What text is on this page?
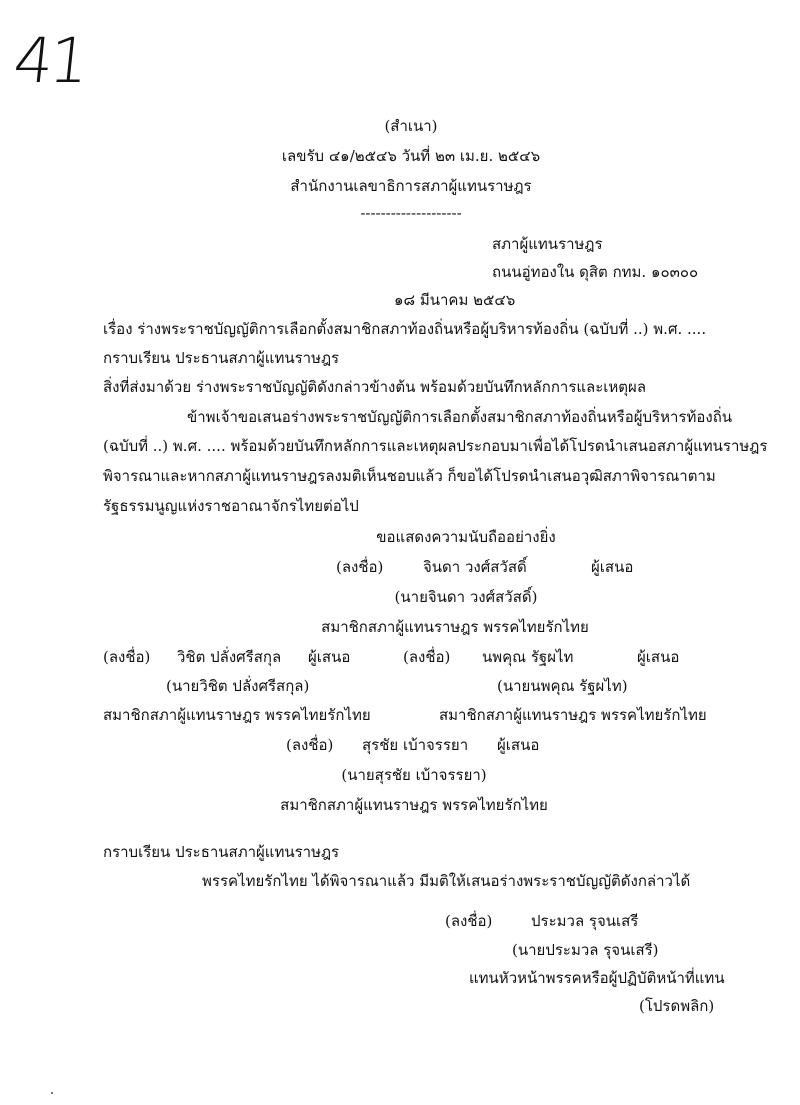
41
(สำเนา)
เลขรับ ๔๑/๒๕๔๖ วันที่ ๒๓ เม.ย. ๒๕๔๖
สำนักงานเลขาธิการสภาผู้แทนราษฎร
--------------------
สภาผู้แทนราษฎร
ถนนอู่ทองใน ดุสิต กทม. ๑๐๓๐๐
๑๘ มีนาคม ๒๕๔๖
เรื่อง ร่างพระราชบัญญัติการเลือกตั้งสมาชิกสภาท้องถิ่นหรือผู้บริหารท้องถิ่น (ฉบับที่ ..) พ.ศ. ....
กราบเรียน ประธานสภาผู้แทนราษฎร
สิ่งที่ส่งมาด้วย ร่างพระราชบัญญัติดังกล่าวข้างต้น พร้อมด้วยบันทึกหลักการและเหตุผล
ข้าพเจ้าขอเสนอร่างพระราชบัญญัติการเลือกตั้งสมาชิกสภาท้องถิ่นหรือผู้บริหารท้องถิ่น
(ฉบับที่ ..) พ.ศ. .... พร้อมด้วยบันทึกหลักการและเหตุผลประกอบมาเพื่อได้โปรดนำเสนอสภาผู้แทนราษฎร
พิจารณาและหากสภาผู้แทนราษฎรลงมติเห็นชอบแล้ว ก็ขอได้โปรดนำเสนอวุฒิสภาพิจารณาตาม
รัฐธรรมนูญแห่งราชอาณาจักรไทยต่อไป
ขอแสดงความนับถืออย่างยิ่ง
(ลงชื่อ)	จินดา วงศ์สวัสดิ์	ผู้เสนอ
(นายจินดา วงศ์สวัสดิ์)
สมาชิกสภาผู้แทนราษฎร พรรคไทยรักไทย
(ลงชื่อ) วิชิต ปลั่งศรีสกุล ผู้เสนอ	(ลงชื่อ) นพคุณ รัฐผไท	ผู้เสนอ
(นายวิชิต ปลั่งศรีสกุล)	(นายนพคุณ รัฐผไท)
สมาชิกสภาผู้แทนราษฎร พรรคไทยรักไทย	สมาชิกสภาผู้แทนราษฎร พรรคไทยรักไทย
(ลงชื่อ) สุรชัย เบ้าจรรยา ผู้เสนอ
(นายสุรชัย เบ้าจรรยา)
สมาชิกสภาผู้แทนราษฎร พรรคไทยรักไทย
กราบเรียน ประธานสภาผู้แทนราษฎร
พรรคไทยรักไทย ได้พิจารณาแล้ว มีมติให้เสนอร่างพระราชบัญญัติดังกล่าวได้
(ลงชื่อ)	ประมวล รุจนเสรี
(นายประมวล รุจนเสรี)
แทนหัวหน้าพรรคหรือผู้ปฏิบัติหน้าที่แทน
(โปรดพลิก)
